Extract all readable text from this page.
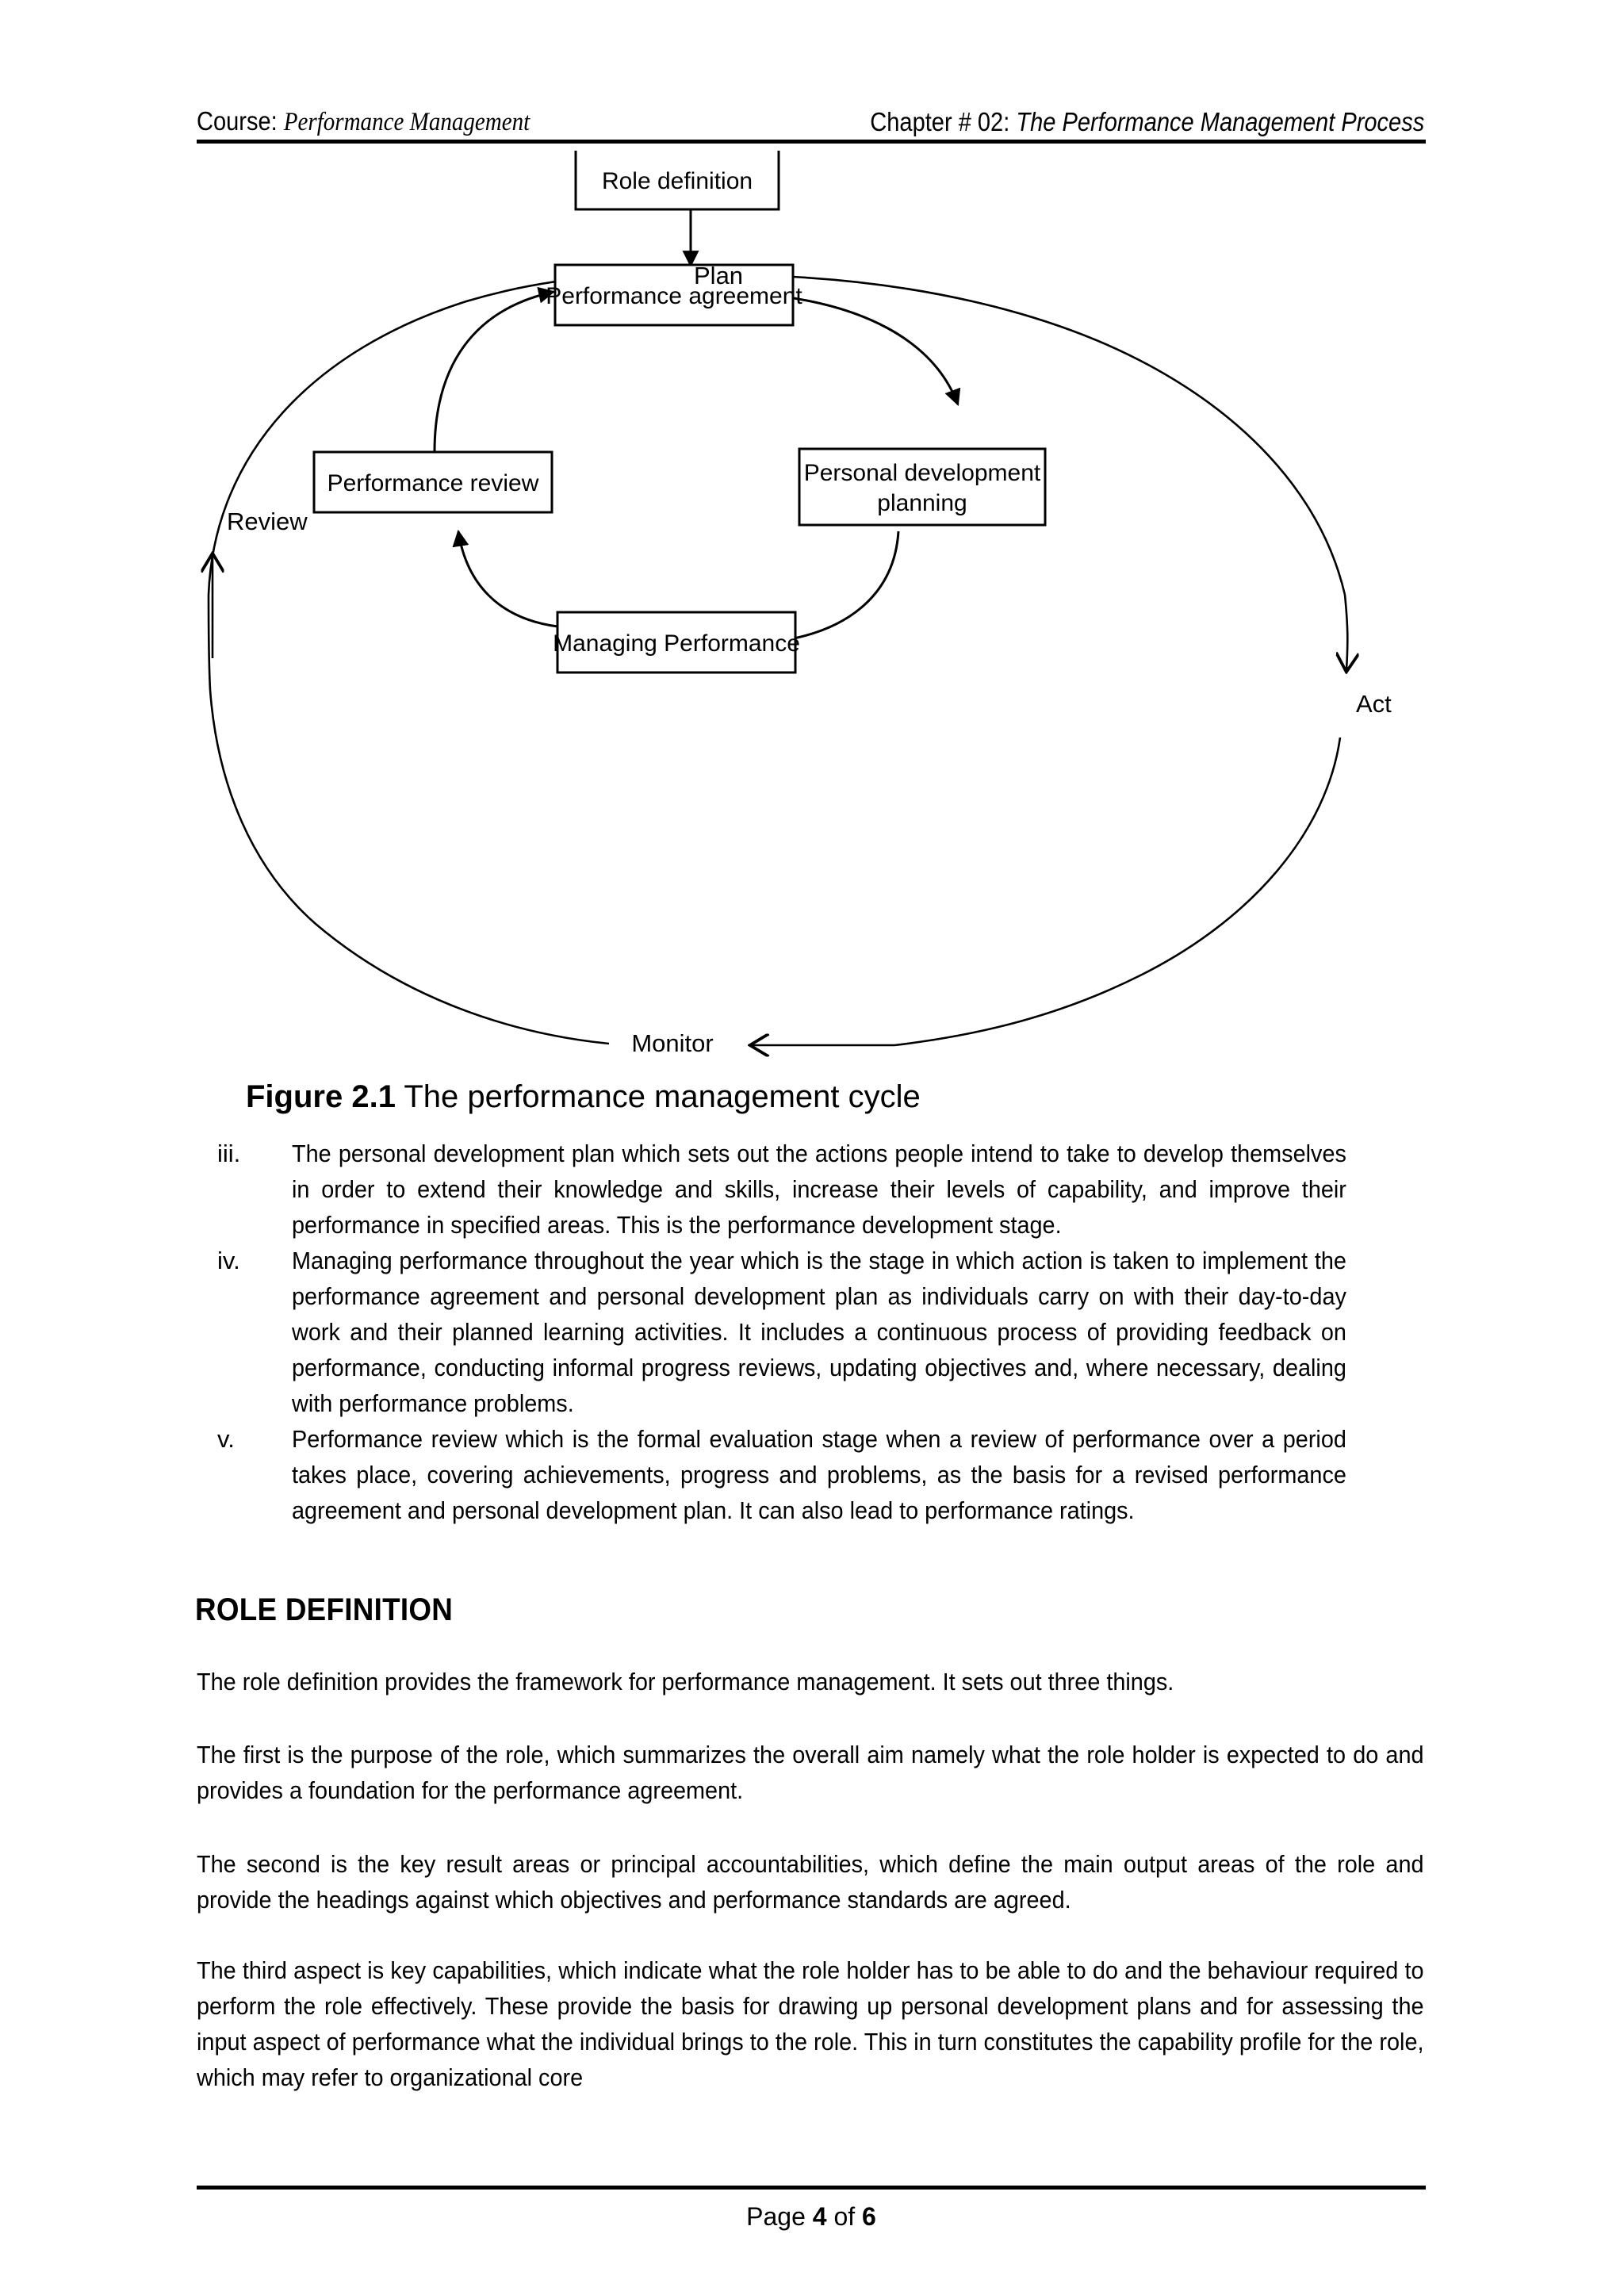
Course: Performance Management	Chapter # 02: The Performance Management Process
Role definition
Performance agreement
Performance review	Personal development
planning
Managing Performance
Plan
Act
Monitor
Review
Figure 2.1 The performance management cycle
iii.	The personal development plan which sets out the actions people intend to take to develop themselves in order to extend their knowledge and skills, increase their levels of capability, and improve their performance in specified areas. This is the performance development stage.
iv.	Managing performance throughout the year which is the stage in which action is taken to implement the performance agreement and personal development plan as individuals carry on with their day-to-day work and their planned learning activities. It includes a continuous process of providing feedback on performance, conducting informal progress reviews, updating objectives and, where necessary, dealing with performance problems.
v.	Performance review which is the formal evaluation stage when a review of performance over a period takes place, covering achievements, progress and problems, as the basis for a revised performance agreement and personal development plan. It can also lead to performance ratings.
ROLE DEFINITION
The role definition provides the framework for performance management. It sets out three things.
The first is the purpose of the role, which summarizes the overall aim namely what the role holder is expected to do and provides a foundation for the performance agreement.
The second is the key result areas or principal accountabilities, which define the main output areas of the role and provide the headings against which objectives and performance standards are agreed.
The third aspect is key capabilities, which indicate what the role holder has to be able to do and the behaviour required to perform the role effectively. These provide the basis for drawing up personal development plans and for assessing the input aspect of performance what the individual brings to the role. This in turn constitutes the capability profile for the role, which may refer to organizational core
Page 4 of 6
